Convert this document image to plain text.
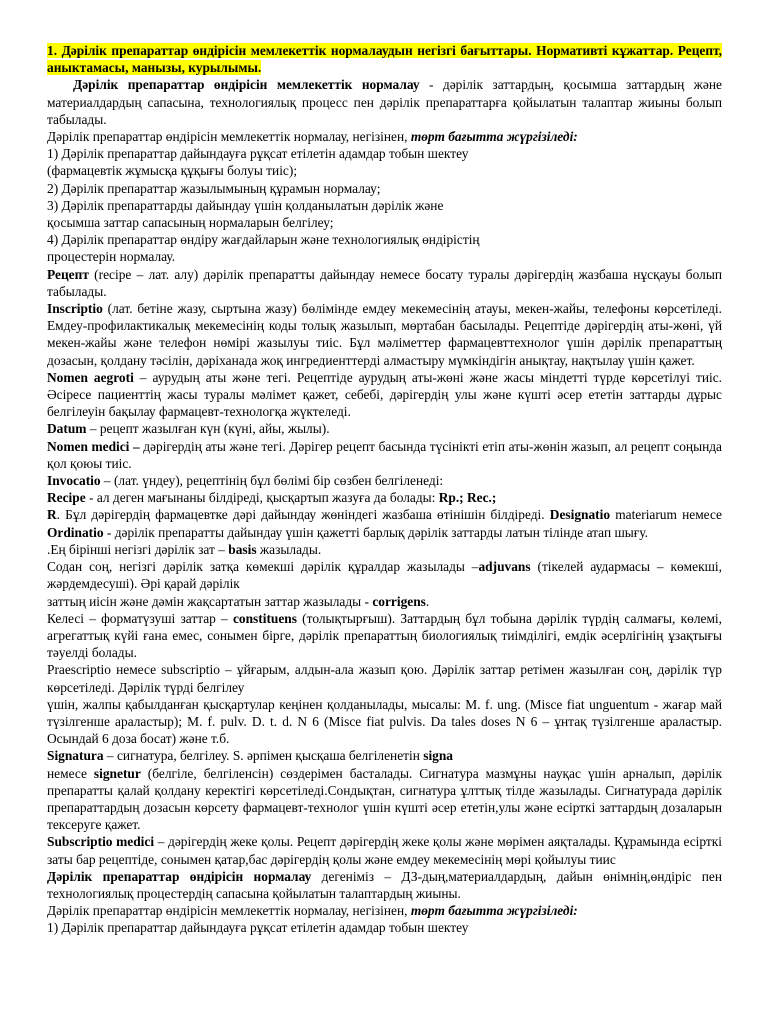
1. Дәрілік препараттар өндірісін мемлекеттік нормалаудын негізгі бағыттары. Нормативті кұжаттар. Рецепт, аныктамасы, манызы, курылымы.

Дәрілік препараттар өндірісін мемлекеттік нормалау - дәрілік заттардың, қосымша заттардың және материалдардың сапасына, технологиялық процесс пен дәрілік препараттарға қойылатын талаптар жиыны болып табылады.

Дәрілік препараттар өндірісін мемлекеттік нормалау, негізінен, төрт бағытта жүргізіледі:

1) Дәрілік препараттар дайындауға рұқсат етілетін адамдар тобын шектеу

(фармацевтік жұмысқа құқығы болуы тиіс);

2) Дәрілік препараттар жазылымының құрамын нормалау;

3) Дәрілік препараттарды дайындау үшін қолданылатын дәрілік және

қосымша заттар сапасының нормаларын белгілеу;

4) Дәрілік препараттар өндіру жағдайларын және технологиялық өндірістің

процестерін нормалау.

Рецепт (recipe – лат. алу) дәрілік препаратты дайындау немесе босату туралы дәрігердің жазбаша нұсқауы болып табылады.

Inscriptio (лат. бетіне жазу, сыртына жазу) бөлімінде емдеу мекемесінің атауы, мекен-жайы, телефоны көрсетіледі. Емдеу-профилактикалық мекемесінің коды толық жазылып, мөртабан басылады. Рецептіде дәрігердің аты-жөні, үй мекен-жайы және телефон нөмірі жазылуы тиіс. Бұл мәліметтер фармацевттехнолог үшін дәрілік препараттың дозасын, қолдану тәсілін, дәріханада жоқ ингредиенттерді алмастыру мүмкіндігін анықтау, нақтылау үшін қажет.

Nomen aegroti – аурудың аты және тегі. Рецептіде аурудың аты-жөні және жасы міндетті түрде көрсетілуі тиіс. Әсіресе пациенттің жасы туралы мәлімет қажет, себебі, дәрігердің улы және күшті әсер ететін заттарды дұрыс белгілеуін бақылау фармацевт-технологқа жүктеледі.

Datum – рецепт жазылған күн (күні, айы, жылы).

Nomen medici – дәрігердің аты және тегі. Дәрігер рецепт басында түсінікті етіп аты-жөнін жазып, ал рецепт соңында қол қоюы тиіс.

Invocatio – (лат. үндеу), рецептінің бұл бөлімі бір сөзбен белгіленеді:

Recipe - ал деген мағынаны білдіреді, қысқартып жазуға да болады: Rp.; Rec.;

R. Бұл дәрігердің фармацевтке дәрі дайындау жөніндегі жазбаша өтінішін білдіреді. Designatio materiarum немесе Ordinatio - дәрілік препаратты дайындау үшін қажетті барлық дәрілік заттарды латын тілінде атап шығу.

.Ең бірінші негізгі дәрілік зат – basis жазылады.

Содан соң, негізгі дәрілік затқа көмекші дәрілік құралдар жазылады –adjuvans (тікелей аудармасы – көмекші, жәрдемдесуші). Әрі қарай дәрілік

заттың иісін және дәмін жақсартатын заттар жазылады - corrigens.

Келесі – форматүзуші заттар – constituens (толықтырғыш). Заттардың бұл тобына дәрілік түрдің салмағы, көлемі, агрегаттық күйі ғана емес, сонымен бірге, дәрілік препараттың биологиялық тиімділігі, емдік әсерлігінің ұзақтығы тәуелді болады.

Praescriptio немесе subscriptio – ұйғарым, алдын-ала жазып қою. Дәрілік заттар ретімен жазылған соң, дәрілік түр көрсетіледі. Дәрілік түрді белгілеу

үшін, жалпы қабылданған қысқартулар кеңінен қолданылады, мысалы: M. f. ung. (Misce fiat unguentum - жағар май түзілгенше араластыр); M. f. pulv. D. t. d. N 6 (Misce fiat pulvis. Da tales doses N 6 – ұнтақ түзілгенше араластыр. Осындай 6 доза босат) және т.б.

Signatura – сигнатура, белгілеу. S. әрпімен қысқаша белгіленетін signa

немесе signetur (белгіле, белгіленсін) сөздерімен басталады. Сигнатура мазмұны науқас үшін арналып, дәрілік препаратты қалай қолдану керектігі көрсетіледі.Сондықтан, сигнатура ұлттық тілде жазылады. Сигнатурада дәрілік препараттардың дозасын көрсету фармацевт-технолог үшін күшті әсер ететін,улы және есірткі заттардың дозаларын тексеруге қажет.

Subscriptio medici – дәрігердің жеке қолы. Рецепт дәрігердің жеке қолы және мөрімен аяқталады. Құрамында есірткі заты бар рецептіде, сонымен қатар,бас дәрігердің қолы және емдеу мекемесінің мөрі қойылуы тиис

Дәрілік препараттар өндірісін нормалау дегеніміз – ДЗ-дың,материалдардың, дайын өнімнің,өндіріс пен технологиялық процестердің сапасына қойылатын талаптардың жиыны.

Дәрілік препараттар өндірісін мемлекеттік нормалау, негізінен, төрт бағытта жүргізіледі:

1) Дәрілік препараттар дайындауға рұқсат етілетін адамдар тобын шектеу
